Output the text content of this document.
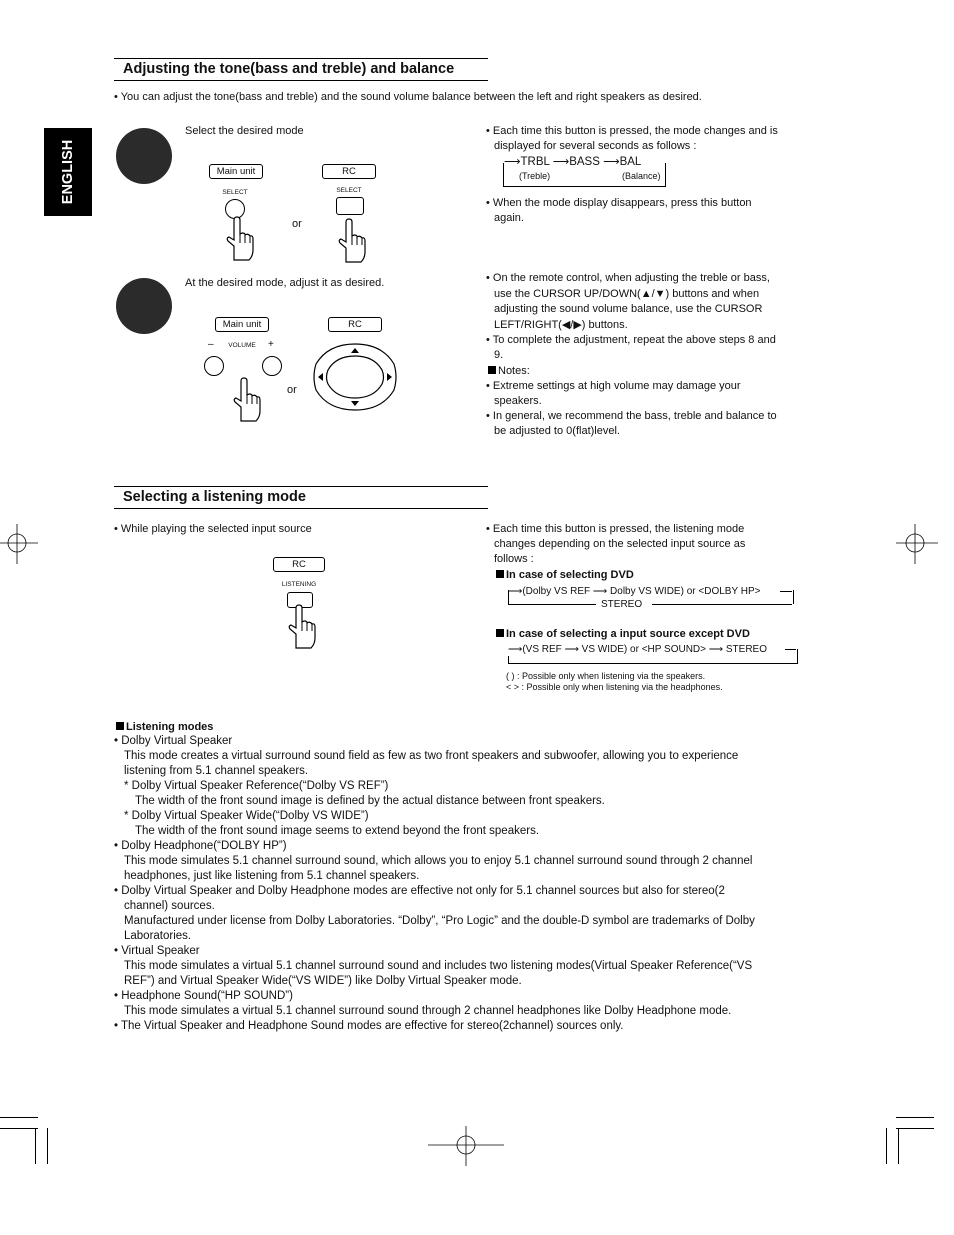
ENGLISH
Adjusting the tone(bass and treble) and balance
• You can adjust the tone(bass and treble) and the sound volume balance between the left and right speakers as desired.
Select the desired mode
Main unit	RC
SELECT	SELECT
or
• Each time this button is pressed, the mode changes and is
displayed for several seconds as follows :
⟶TRBL ⟶BASS ⟶BAL
(Treble)	(Balance)
• When the mode display disappears, press this button
again.
At the desired mode, adjust it as desired.
Main unit	RC
–	VOLUME	+
or
• On the remote control, when adjusting the treble or bass,
use the CURSOR UP/DOWN(▲/▼) buttons and when
adjusting the sound volume balance, use the CURSOR
LEFT/RIGHT(◀/▶) buttons.
• To complete the adjustment, repeat the above steps 8 and
9.
Notes:
• Extreme settings at high volume may damage your
speakers.
• In general, we recommend the bass, treble and balance to
be adjusted to 0(flat)level.
Selecting a listening mode
• While playing the selected input source
RC
LISTENING
• Each time this button is pressed, the listening mode
changes depending on the selected input source as
follows :
In case of selecting DVD
⟶(Dolby VS REF ⟶ Dolby VS WIDE) or <DOLBY HP>
STEREO
In case of selecting a input source except DVD
⟶(VS REF ⟶ VS WIDE) or <HP SOUND> ⟶ STEREO
( ) : Possible only when listening via the speakers.
< > : Possible only when listening via the headphones.
Listening modes
• Dolby Virtual Speaker
This mode creates a virtual surround sound field as few as two front speakers and subwoofer, allowing you to experience
listening from 5.1 channel speakers.
* Dolby Virtual Speaker Reference(“Dolby VS REF”)
The width of the front sound image is defined by the actual distance between front speakers.
* Dolby Virtual Speaker Wide(“Dolby VS WIDE”)
The width of the front sound image seems to extend beyond the front speakers.
• Dolby Headphone(“DOLBY HP”)
This mode simulates 5.1 channel surround sound, which allows you to enjoy 5.1 channel surround sound through 2 channel
headphones, just like listening from 5.1 channel speakers.
• Dolby Virtual Speaker and Dolby Headphone modes are effective not only for 5.1 channel sources but also for stereo(2
channel) sources.
Manufactured under license from Dolby Laboratories. “Dolby”, “Pro Logic” and the double-D symbol are trademarks of Dolby
Laboratories.
• Virtual Speaker
This mode simulates a virtual 5.1 channel surround sound and includes two listening modes(Virtual Speaker Reference(“VS
REF”) and Virtual Speaker Wide(“VS WIDE”) like Dolby Virtual Speaker mode.
• Headphone Sound(“HP SOUND”)
This mode simulates a virtual 5.1 channel surround sound through 2 channel headphones like Dolby Headphone mode.
• The Virtual Speaker and Headphone Sound modes are effective for stereo(2channel) sources only.
